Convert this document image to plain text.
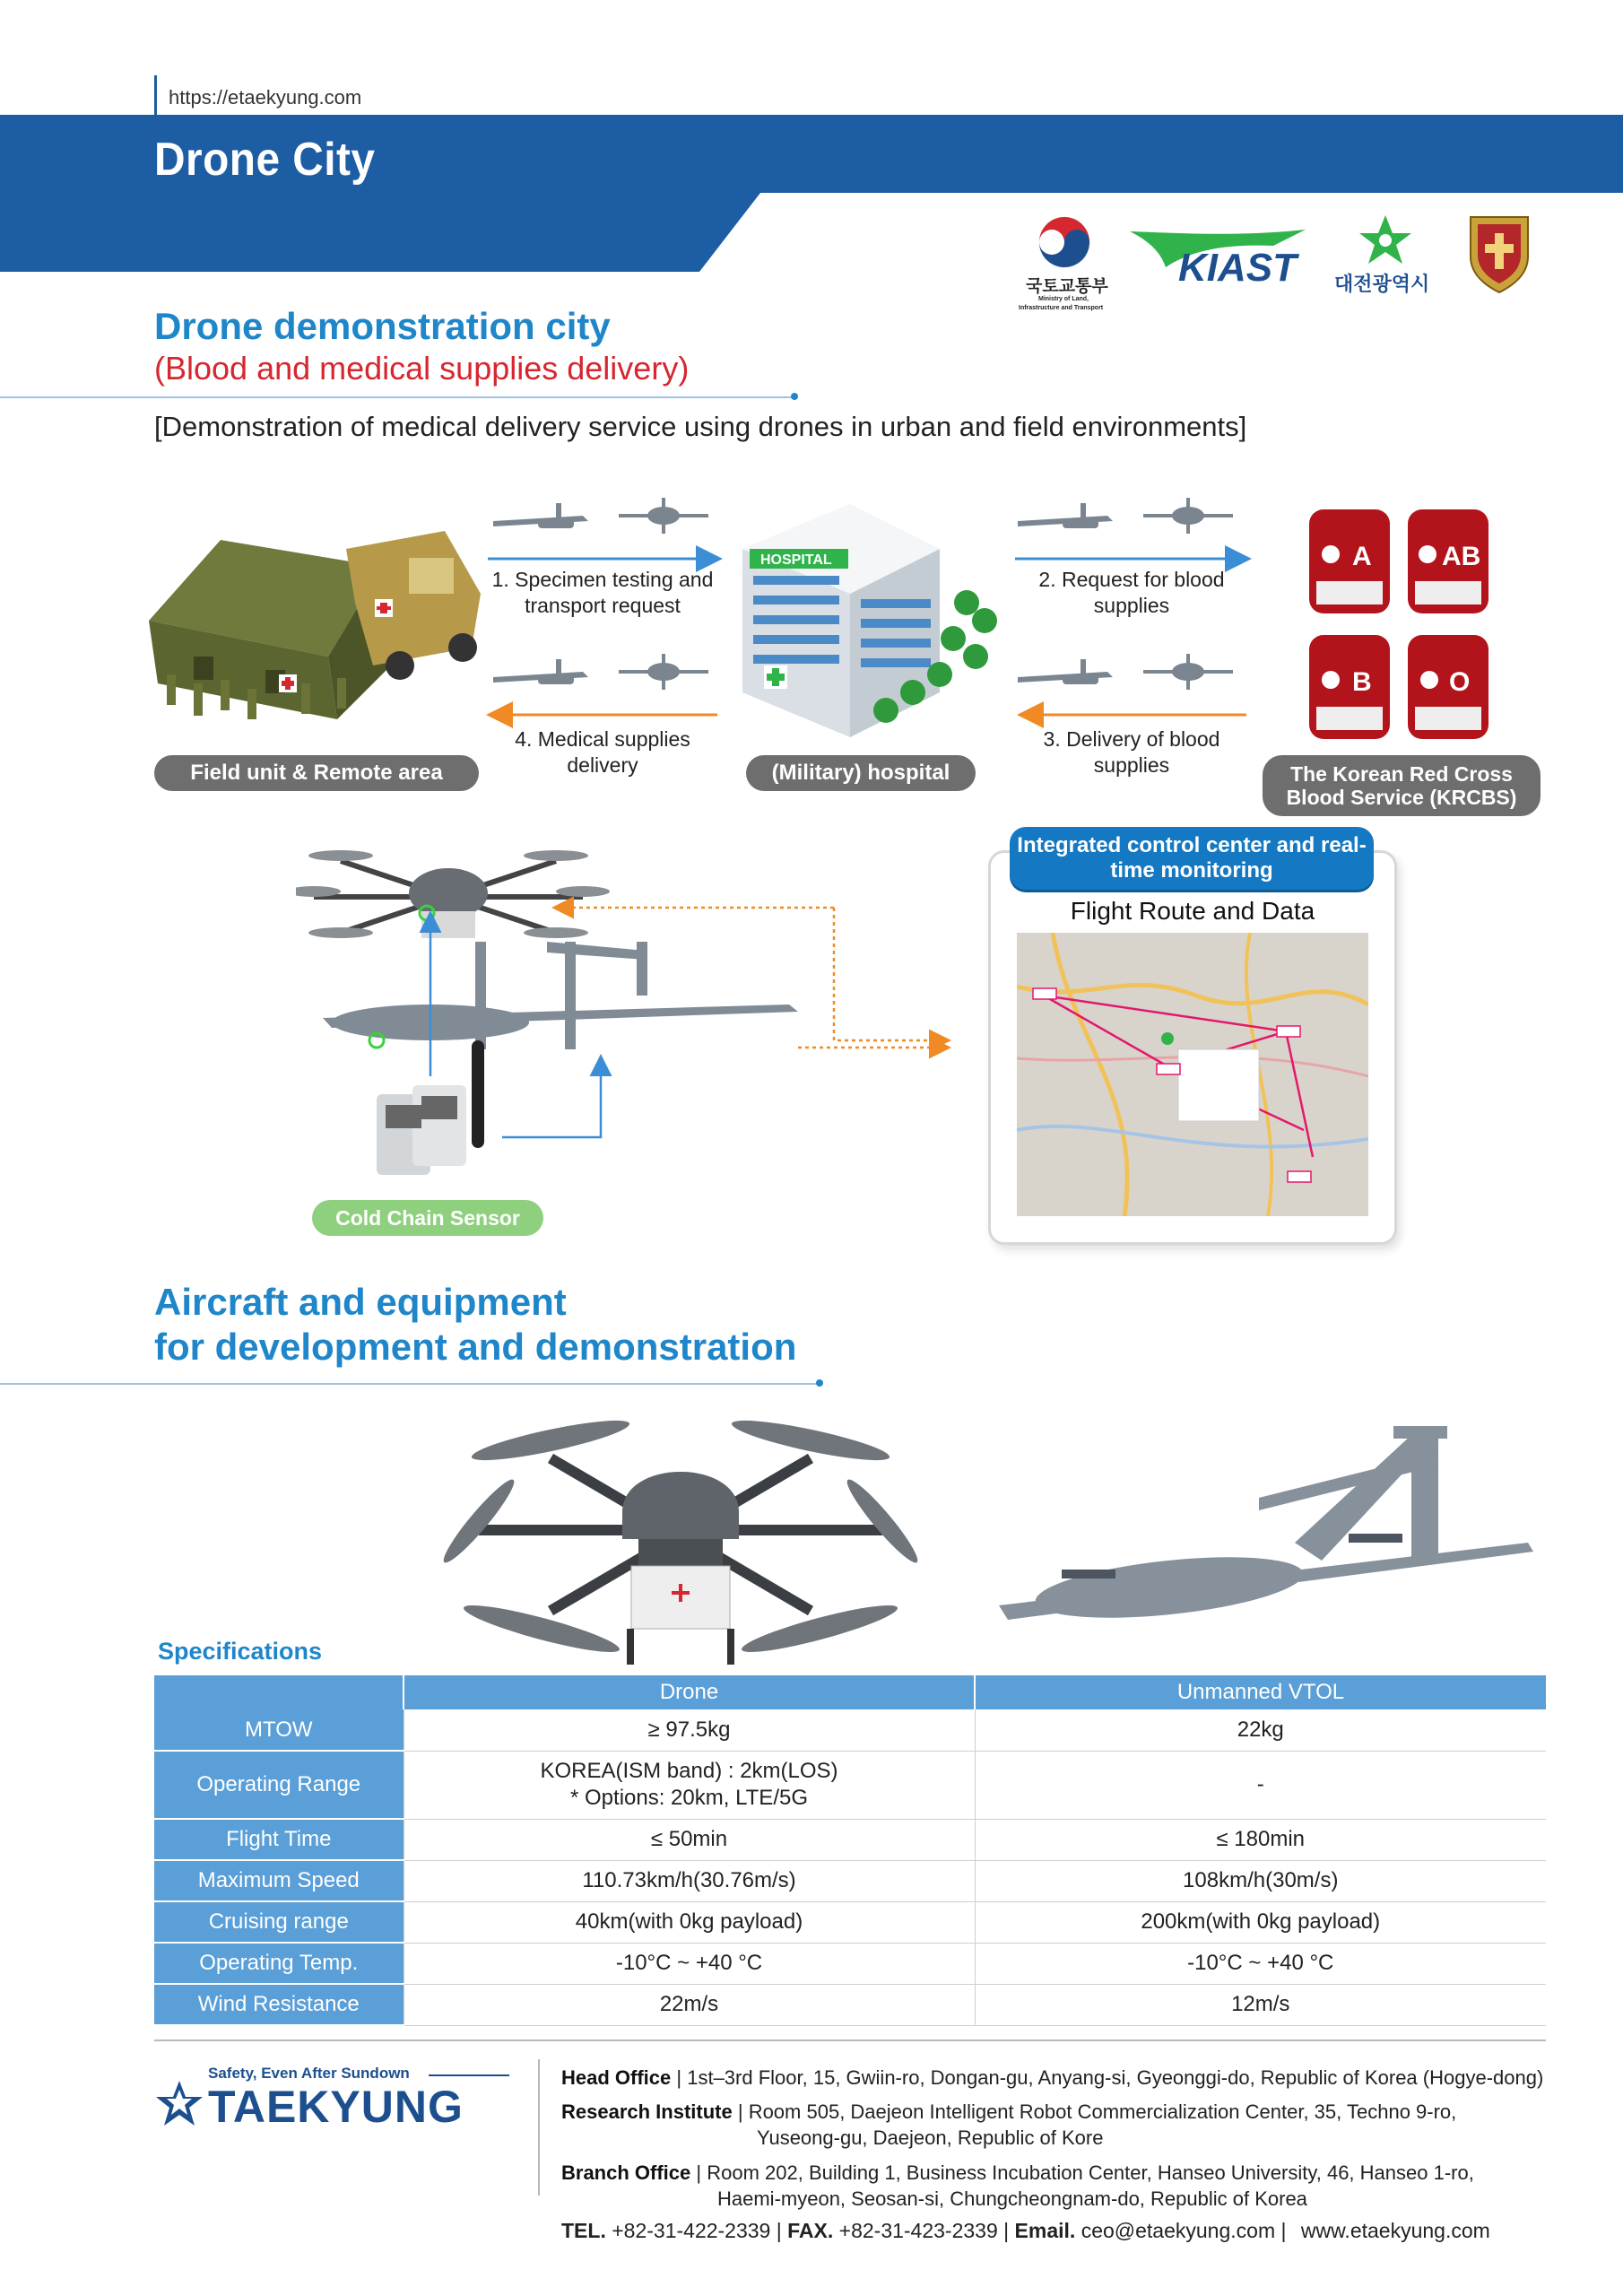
https://etaekyung.com
Drone City
국토교통부
Ministry of Land,
Infrastructure and Transport
KIAST 대전광역시
Drone demonstration city
(Blood and medical supplies delivery)
[Demonstration of medical delivery service using drones in urban and field environments]
Field unit & Remote area
HOSPITAL
(Military) hospital
A	AB
B	O
The Korean Red Cross Blood Service (KRCBS)
1. Specimen testing and transport request
2. Request for blood supplies
3. Delivery of blood supplies
4. Medical supplies delivery
Cold Chain Sensor
Integrated control center and real-time monitoring
Flight Route and Data
Aircraft and equipment
for development and demonstration
Specifications
	Drone	Unmanned VTOL
MTOW	≥ 97.5kg	22kg
Operating Range	KOREA(ISM band) : 2km(LOS)
* Options: 20km, LTE/5G	-
Flight Time	≤ 50min	≤ 180min
Maximum Speed	110.73km/h(30.76m/s)	108km/h(30m/s)
Cruising range	40km(with 0kg payload)	200km(with 0kg payload)
Operating Temp.	-10°C ~ +40 °C	-10°C ~ +40 °C
Wind Resistance	22m/s	12m/s
Safety, Even After Sundown
TAEKYUNG
Head Office | 1st–3rd Floor, 15, Gwiin-ro, Dongan-gu, Anyang-si, Gyeonggi-do, Republic of Korea (Hogye-dong)
Research Institute | Room 505, Daejeon Intelligent Robot Commercialization Center, 35, Techno 9-ro,
Yuseong-gu, Daejeon, Republic of Kore
Branch Office | Room 202, Building 1, Business Incubation Center, Hanseo University, 46, Hanseo 1-ro,
Haemi-myeon, Seosan-si, Chungcheongnam-do, Republic of Korea
TEL. +82-31-422-2339 | FAX. +82-31-423-2339 | Email. ceo@etaekyung.com | www.etaekyung.com
